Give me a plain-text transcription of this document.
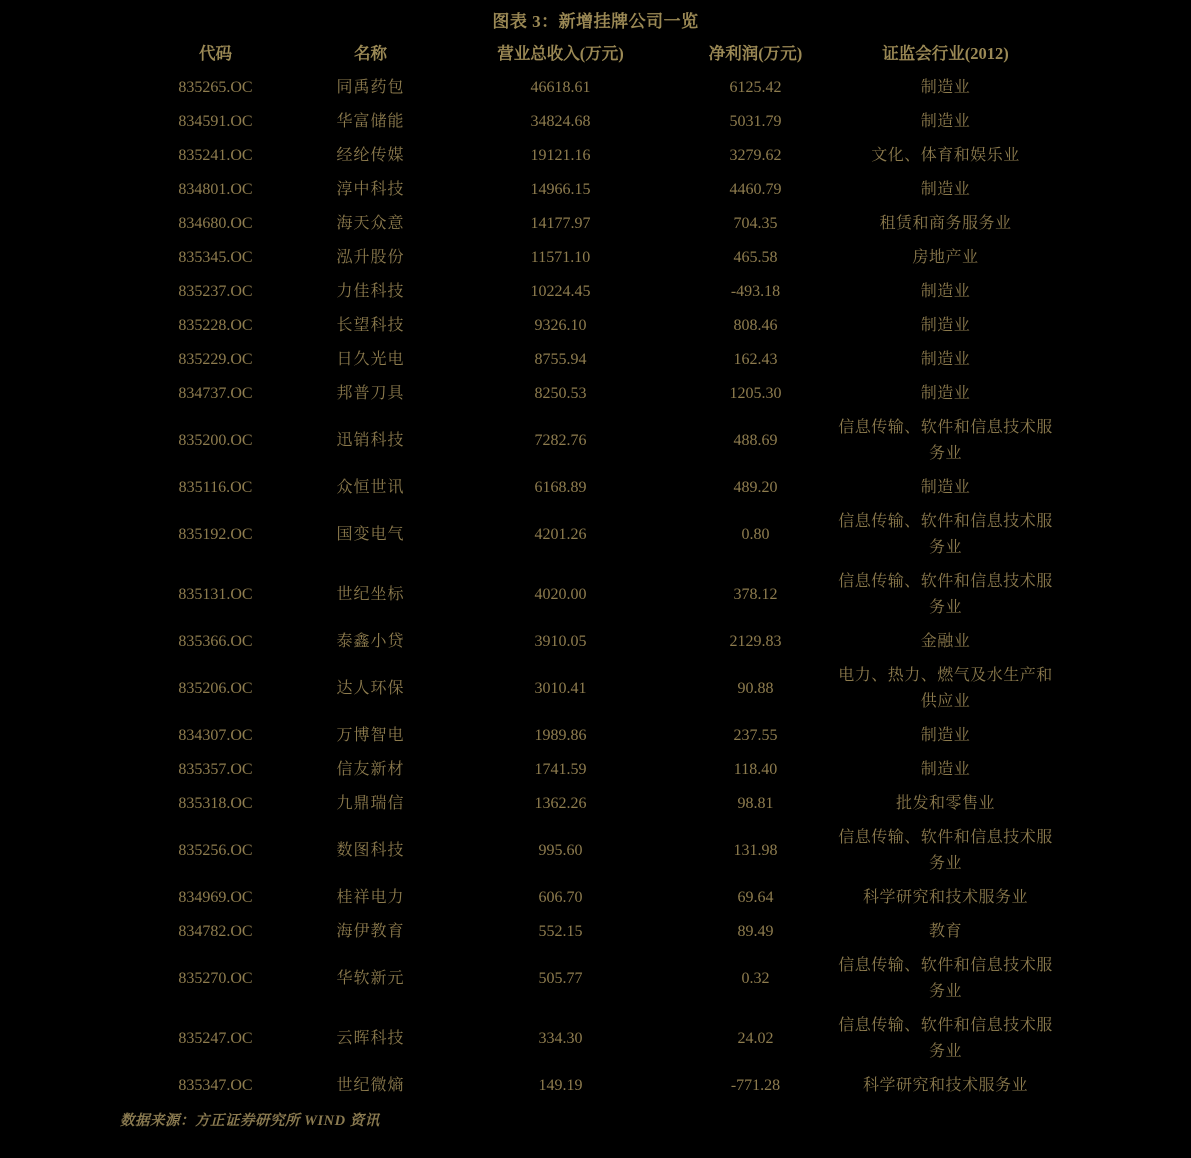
图表 3：新增挂牌公司一览
代码	名称	营业总收入(万元)	净利润(万元)	证监会行业(2012)
835265.OC	同禹药包	46618.61	6125.42	制造业
834591.OC	华富储能	34824.68	5031.79	制造业
835241.OC	经纶传媒	19121.16	3279.62	文化、体育和娱乐业
834801.OC	淳中科技	14966.15	4460.79	制造业
834680.OC	海天众意	14177.97	704.35	租赁和商务服务业
835345.OC	泓升股份	11571.10	465.58	房地产业
835237.OC	力佳科技	10224.45	-493.18	制造业
835228.OC	长望科技	9326.10	808.46	制造业
835229.OC	日久光电	8755.94	162.43	制造业
834737.OC	邦普刀具	8250.53	1205.30	制造业
835200.OC	迅销科技	7282.76	488.69	信息传输、软件和信息技术服务业
835116.OC	众恒世讯	6168.89	489.20	制造业
835192.OC	国变电气	4201.26	0.80	信息传输、软件和信息技术服务业
835131.OC	世纪坐标	4020.00	378.12	信息传输、软件和信息技术服务业
835366.OC	泰鑫小贷	3910.05	2129.83	金融业
835206.OC	达人环保	3010.41	90.88	电力、热力、燃气及水生产和供应业
834307.OC	万博智电	1989.86	237.55	制造业
835357.OC	信友新材	1741.59	118.40	制造业
835318.OC	九鼎瑞信	1362.26	98.81	批发和零售业
835256.OC	数图科技	995.60	131.98	信息传输、软件和信息技术服务业
834969.OC	桂祥电力	606.70	69.64	科学研究和技术服务业
834782.OC	海伊教育	552.15	89.49	教育
835270.OC	华软新元	505.77	0.32	信息传输、软件和信息技术服务业
835247.OC	云晖科技	334.30	24.02	信息传输、软件和信息技术服务业
835347.OC	世纪微熵	149.19	-771.28	科学研究和技术服务业
数据来源：方正证券研究所 WIND 资讯
